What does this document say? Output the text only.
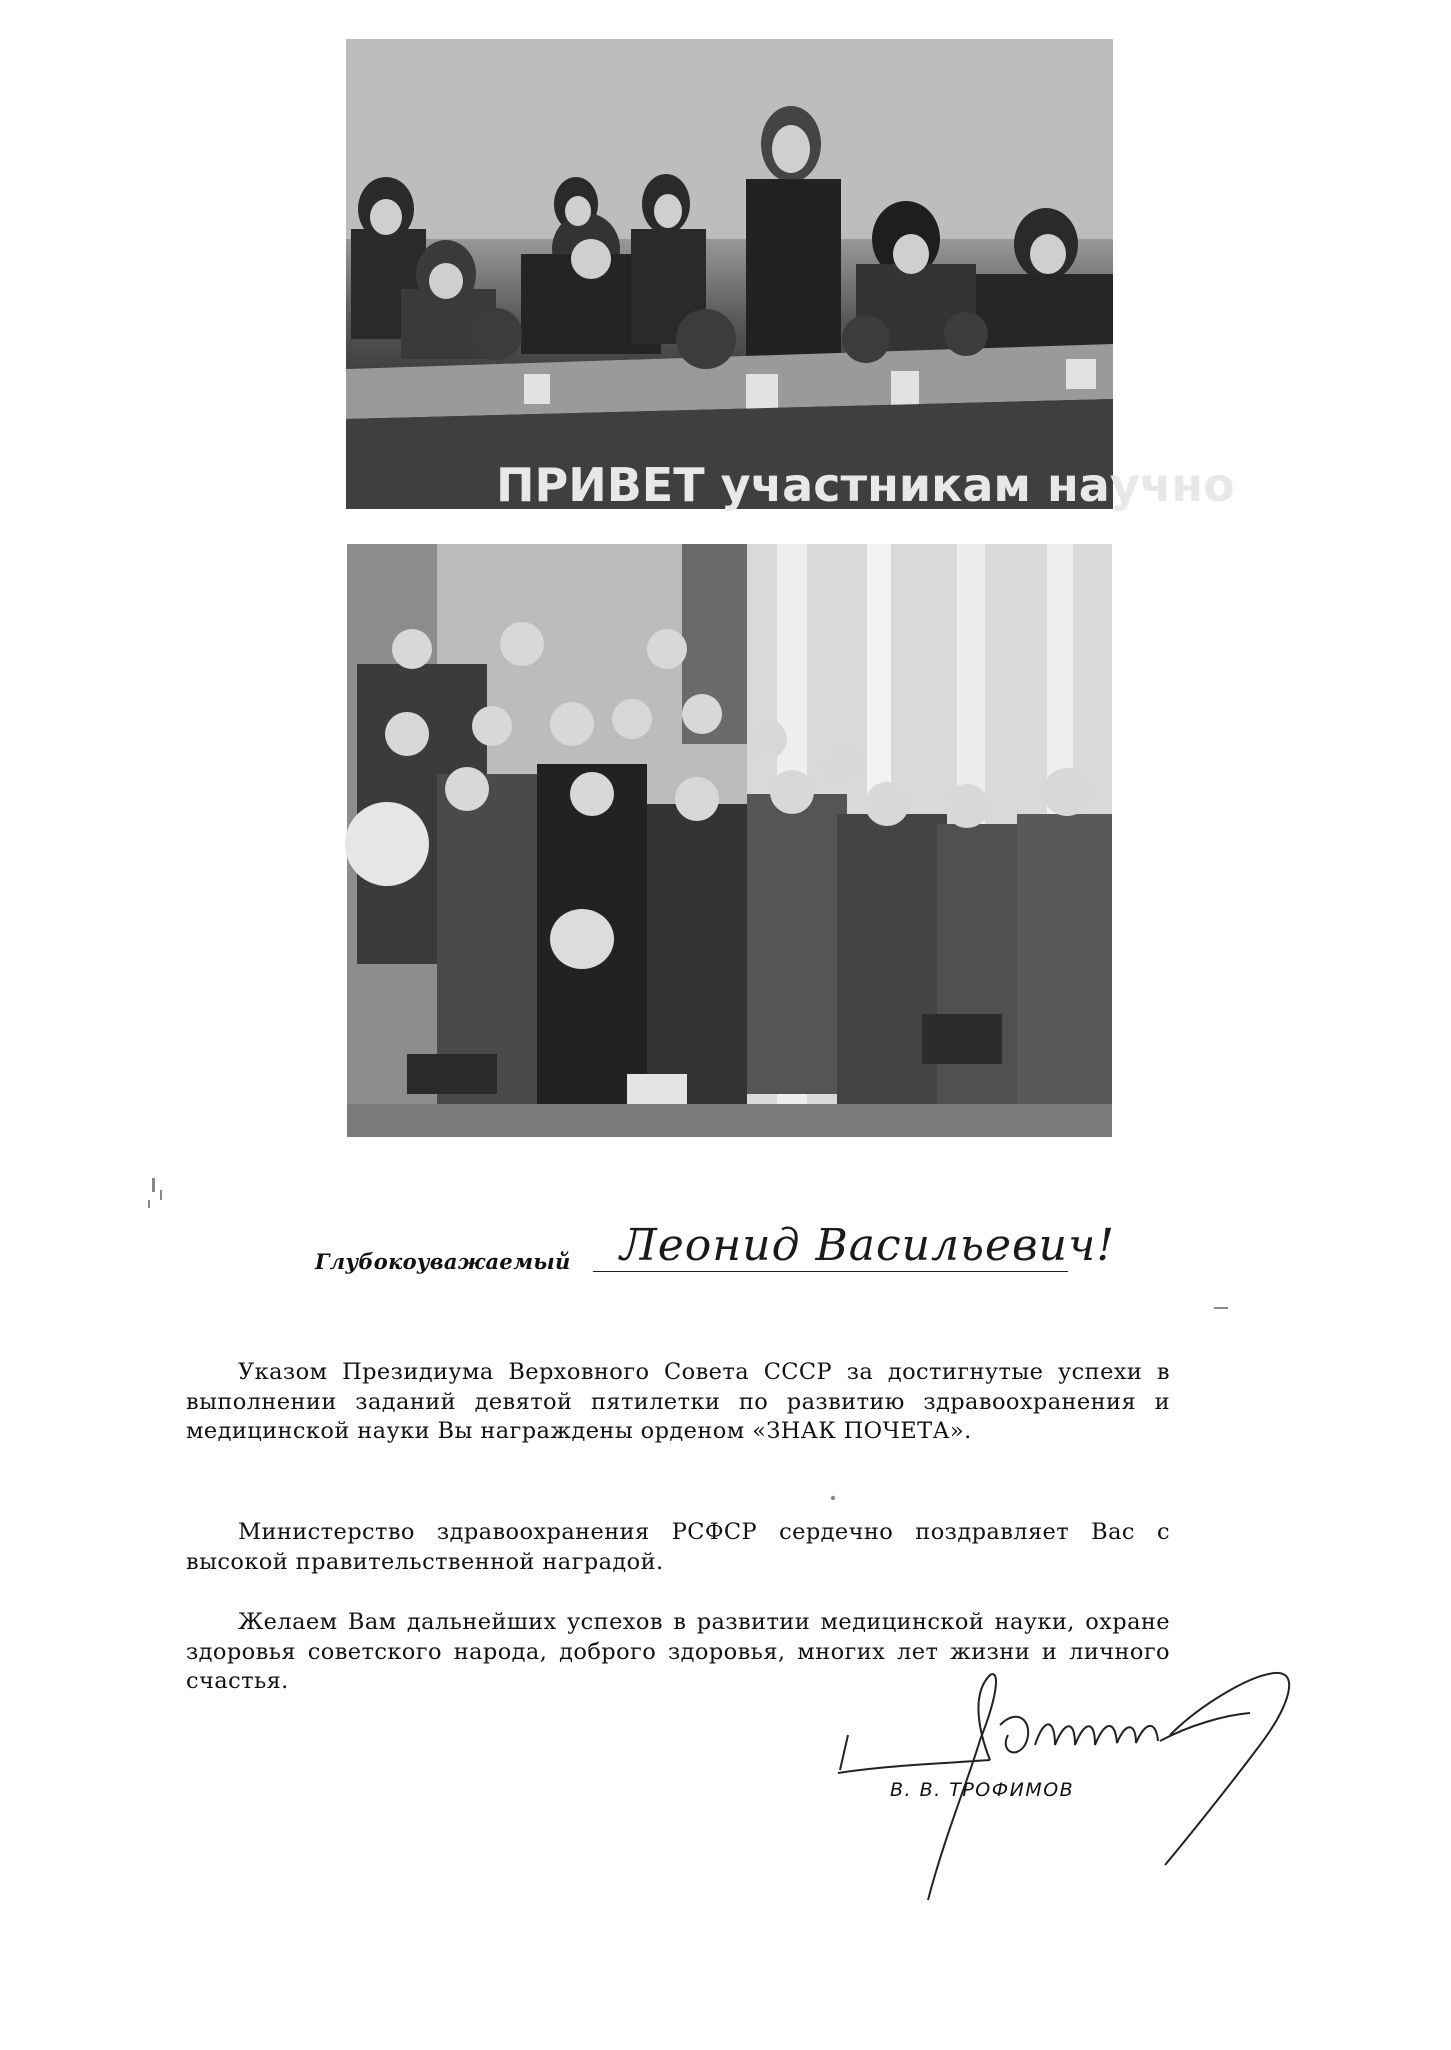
ПРИВЕТ участникам научно
Глубокоуважаемый Леонид Васильевич!

Указом Президиума Верховного Совета СССР за достигнутые успехи в выполнении заданий девятой пятилетки по развитию здравоохранения и медицинской науки Вы награждены орденом «ЗНАК ПОЧЕТА».

Министерство здравоохранения РСФСР сердечно поздравляет Вас с высокой правительственной наградой.

Желаем Вам дальнейших успехов в развитии медицинской науки, охране здоровья советского народа, доброго здоровья, многих лет жизни и личного счастья.

В. В. ТРОФИМОВ
